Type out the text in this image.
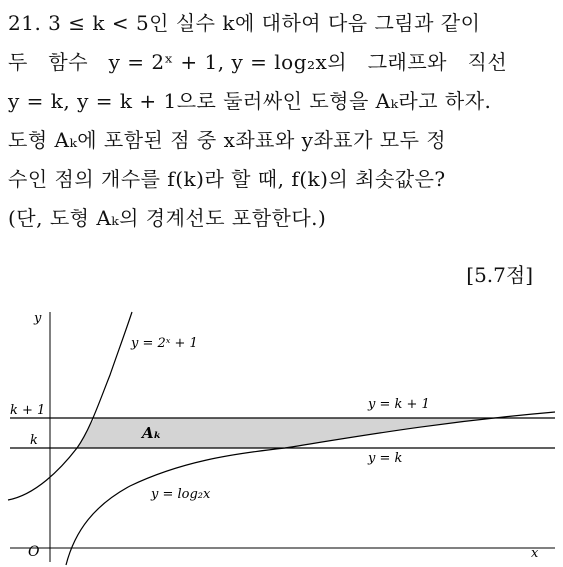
21. 3 ≤ k < 5인 실수 k에 대하여 다음 그림과 같이
두   함수   y = 2ˣ + 1, y = log₂x의   그래프와   직선
y = k, y = k + 1으로 둘러싸인 도형을 Aₖ라고 하자.
도형 Aₖ에 포함된 점 중 x좌표와 y좌표가 모두 정
수인 점의 개수를 f(k)라 할 때, f(k)의 최솟값은?
(단, 도형 Aₖ의 경계선도 포함한다.)
[5.7점]
y
x
O
k + 1
k
y = 2ˣ + 1
y = log₂x
y = k + 1
y = k
Aₖ
